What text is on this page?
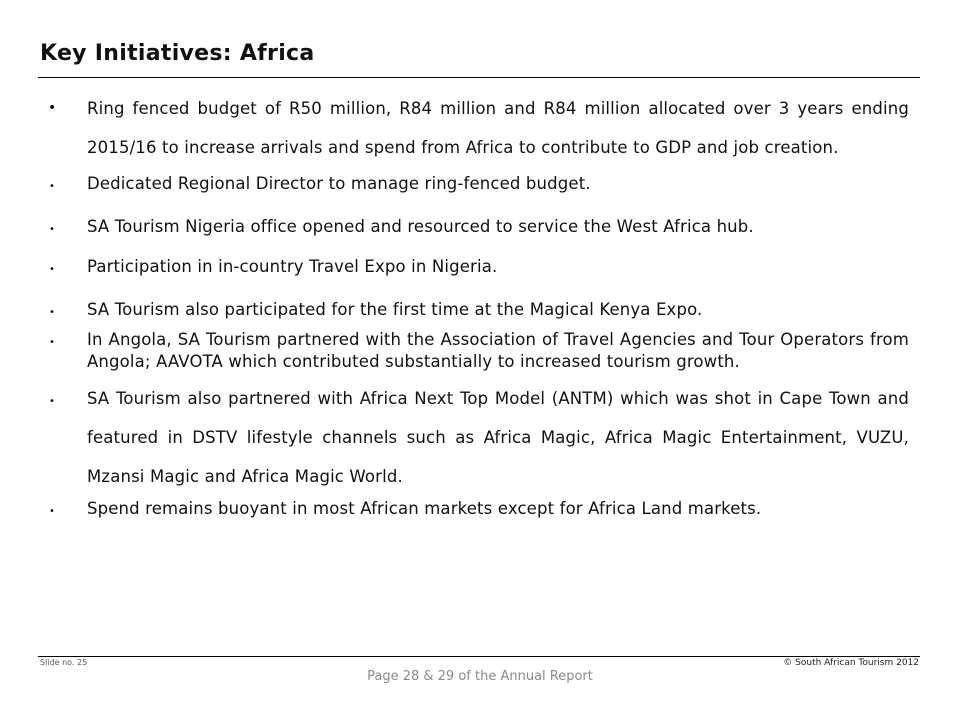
Key Initiatives: Africa
• Ring fenced budget of R50 million, R84 million and R84 million allocated over 3 years ending 2015/16 to increase arrivals and spend from Africa to contribute to GDP and job creation.
• Dedicated Regional Director to manage ring-fenced budget.
• SA Tourism Nigeria office opened and resourced to service the West Africa hub.
• Participation in in-country Travel Expo in Nigeria.
• SA Tourism also participated for the first time at the Magical Kenya Expo.
• In Angola, SA Tourism partnered with the Association of Travel Agencies and Tour Operators from Angola; AAVOTA which contributed substantially to increased tourism growth.
• SA Tourism also partnered with Africa Next Top Model (ANTM) which was shot in Cape Town and featured in DSTV lifestyle channels such as Africa Magic, Africa Magic Entertainment, VUZU, Mzansi Magic and Africa Magic World.
• Spend remains buoyant in most African markets except for Africa Land markets.
Slide no. 25	© South African Tourism 2012
Page 28 & 29 of the Annual Report
